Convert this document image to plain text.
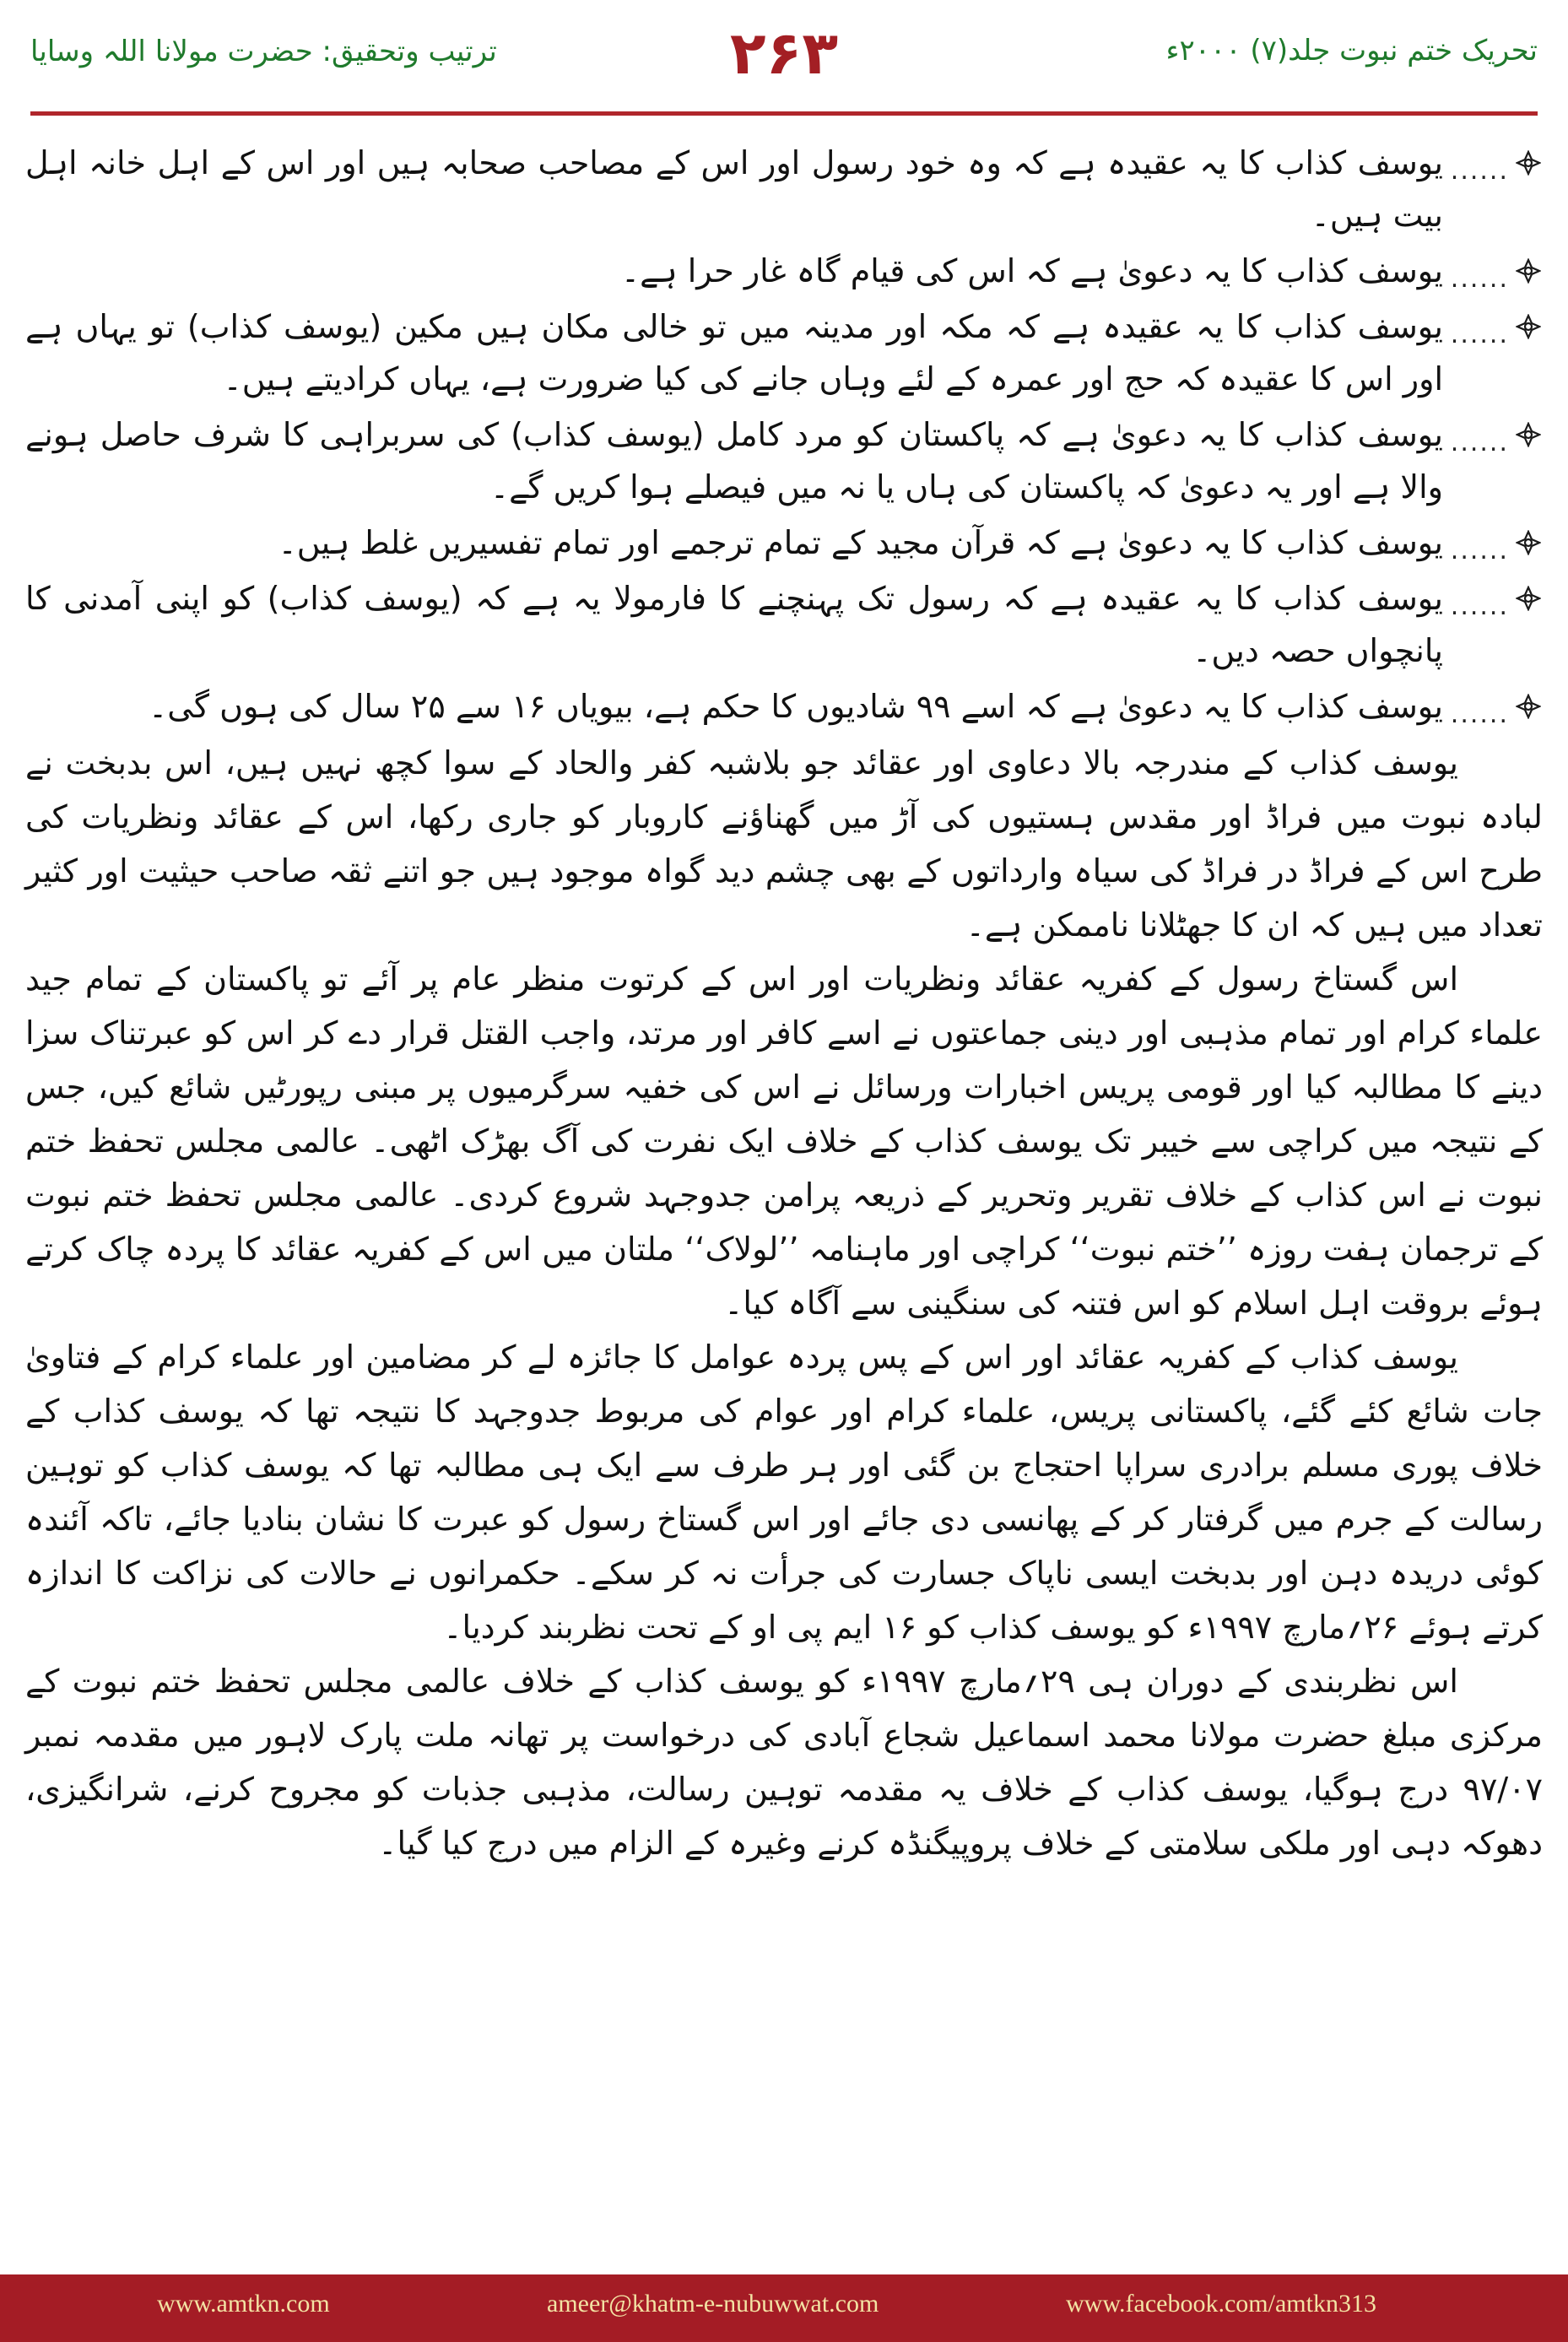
ترتیب وتحقیق: حضرت مولانا اللہ وسایا	۲۶۳	تحریک ختم نبوت جلد(۷) ۲۰۰۰ء
......
یوسف کذاب کا یہ عقیدہ ہے کہ وہ خود رسول اور اس کے مصاحب صحابہ ہیں اور اس کے اہل خانہ اہل بیت ہیں۔
......
یوسف کذاب کا یہ دعویٰ ہے کہ اس کی قیام گاہ غار حرا ہے۔
......
یوسف کذاب کا یہ عقیدہ ہے کہ مکہ اور مدینہ میں تو خالی مکان ہیں مکین (یوسف کذاب) تو یہاں ہے اور اس کا عقیدہ کہ حج اور عمرہ کے لئے وہاں جانے کی کیا ضرورت ہے، یہاں کرادیتے ہیں۔
......
یوسف کذاب کا یہ دعویٰ ہے کہ پاکستان کو مرد کامل (یوسف کذاب) کی سربراہی کا شرف حاصل ہونے والا ہے اور یہ دعویٰ کہ پاکستان کی ہاں یا نہ میں فیصلے ہوا کریں گے۔
......
یوسف کذاب کا یہ دعویٰ ہے کہ قرآن مجید کے تمام ترجمے اور تمام تفسیریں غلط ہیں۔
......
یوسف کذاب کا یہ عقیدہ ہے کہ رسول تک پہنچنے کا فارمولا یہ ہے کہ (یوسف کذاب) کو اپنی آمدنی کا پانچواں حصہ دیں۔
......
یوسف کذاب کا یہ دعویٰ ہے کہ اسے ۹۹ شادیوں کا حکم ہے، بیویاں ۱۶ سے ۲۵ سال کی ہوں گی۔

یوسف کذاب کے مندرجہ بالا دعاوی اور عقائد جو بلاشبہ کفر والحاد کے سوا کچھ نہیں ہیں، اس بدبخت نے لبادہ نبوت میں فراڈ اور مقدس ہستیوں کی آڑ میں گھناؤنے کاروبار کو جاری رکھا، اس کے عقائد ونظریات کی طرح اس کے فراڈ در فراڈ کی سیاہ وارداتوں کے بھی چشم دید گواہ موجود ہیں جو اتنے ثقہ صاحب حیثیت اور کثیر تعداد میں ہیں کہ ان کا جھٹلانا ناممکن ہے۔

اس گستاخ رسول کے کفریہ عقائد ونظریات اور اس کے کرتوت منظر عام پر آئے تو پاکستان کے تمام جید علماء کرام اور تمام مذہبی اور دینی جماعتوں نے اسے کافر اور مرتد، واجب القتل قرار دے کر اس کو عبرتناک سزا دینے کا مطالبہ کیا اور قومی پریس اخبارات ورسائل نے اس کی خفیہ سرگرمیوں پر مبنی رپورٹیں شائع کیں، جس کے نتیجہ میں کراچی سے خیبر تک یوسف کذاب کے خلاف ایک نفرت کی آگ بھڑک اٹھی۔ عالمی مجلس تحفظ ختم نبوت نے اس کذاب کے خلاف تقریر وتحریر کے ذریعہ پرامن جدوجہد شروع کردی۔ عالمی مجلس تحفظ ختم نبوت کے ترجمان ہفت روزہ ’’ختم نبوت‘‘ کراچی اور ماہنامہ ’’لولاک‘‘ ملتان میں اس کے کفریہ عقائد کا پردہ چاک کرتے ہوئے بروقت اہل اسلام کو اس فتنہ کی سنگینی سے آگاہ کیا۔

یوسف کذاب کے کفریہ عقائد اور اس کے پس پردہ عوامل کا جائزہ لے کر مضامین اور علماء کرام کے فتاویٰ جات شائع کئے گئے، پاکستانی پریس، علماء کرام اور عوام کی مربوط جدوجہد کا نتیجہ تھا کہ یوسف کذاب کے خلاف پوری مسلم برادری سراپا احتجاج بن گئی اور ہر طرف سے ایک ہی مطالبہ تھا کہ یوسف کذاب کو توہین رسالت کے جرم میں گرفتار کر کے پھانسی دی جائے اور اس گستاخ رسول کو عبرت کا نشان بنادیا جائے، تاکہ آئندہ کوئی دریدہ دہن اور بدبخت ایسی ناپاک جسارت کی جرأت نہ کر سکے۔ حکمرانوں نے حالات کی نزاکت کا اندازہ کرتے ہوئے ۲۶؍مارچ ۱۹۹۷ء کو یوسف کذاب کو ۱۶ ایم پی او کے تحت نظربند کردیا۔

اس نظربندی کے دوران ہی ۲۹؍مارچ ۱۹۹۷ء کو یوسف کذاب کے خلاف عالمی مجلس تحفظ ختم نبوت کے مرکزی مبلغ حضرت مولانا محمد اسماعیل شجاع آبادی کی درخواست پر تھانہ ملت پارک لاہور میں مقدمہ نمبر ۹۷/۰۷ درج ہوگیا، یوسف کذاب کے خلاف یہ مقدمہ توہین رسالت، مذہبی جذبات کو مجروح کرنے، شرانگیزی، دھوکہ دہی اور ملکی سلامتی کے خلاف پروپیگنڈہ کرنے وغیرہ کے الزام میں درج کیا گیا۔

www.amtkn.com	ameer@khatm-e-nubuwwat.com	www.facebook.com/amtkn313
